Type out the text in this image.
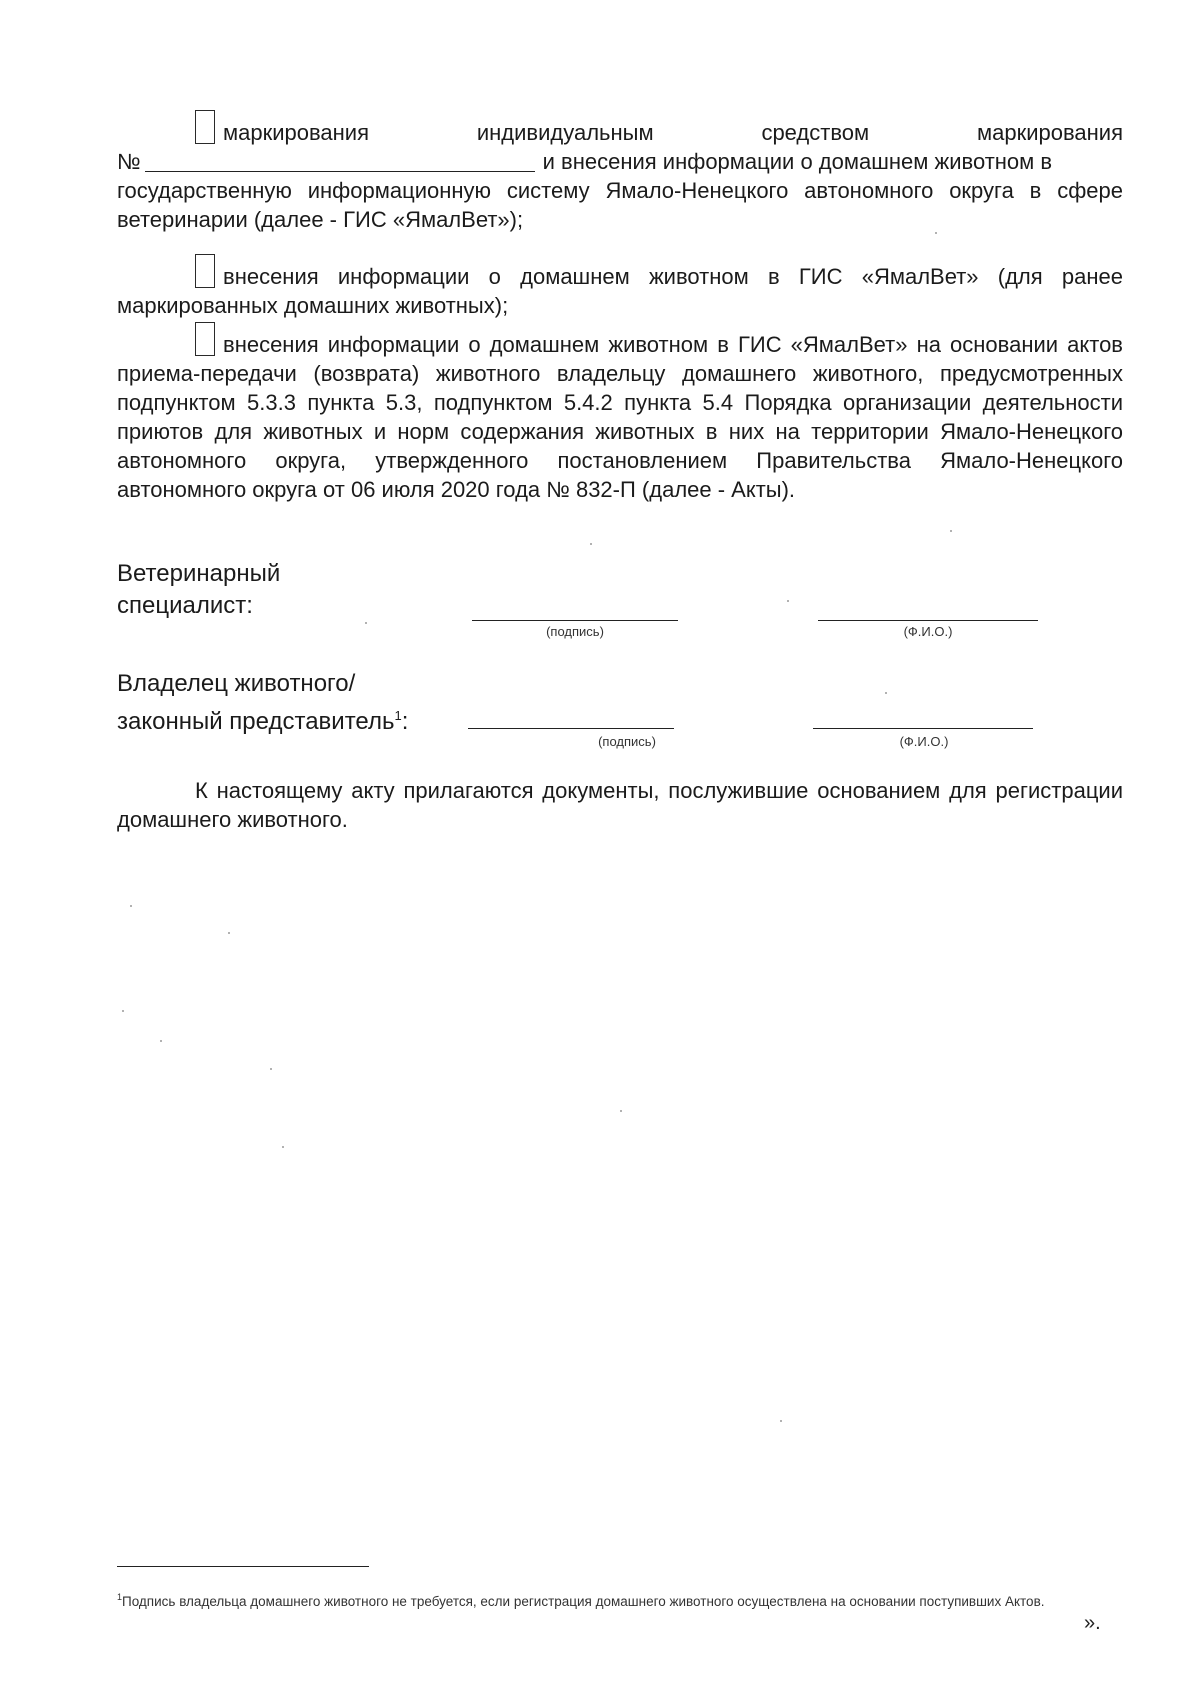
маркирования	индивидуальным	средством	маркирования
№	и внесения информации о домашнем животном в
государственную информационную систему Ямало-Ненецкого автономного округа в сфере ветеринарии (далее - ГИС «ЯмалВет»);
внесения информации о домашнем животном в ГИС «ЯмалВет» (для ранее маркированных домашних животных);
внесения информации о домашнем животном в ГИС «ЯмалВет» на основании актов приема-передачи (возврата) животного владельцу домашнего животного, предусмотренных подпунктом 5.3.3 пункта 5.3, подпунктом 5.4.2 пункта 5.4 Порядка организации деятельности приютов для животных и норм содержания животных в них на территории Ямало-Ненецкого автономного округа, утвержденного постановлением Правительства Ямало-Ненецкого автономного округа от 06 июля 2020 года № 832-П (далее - Акты).
Ветеринарный
специалист:
(подпись)	(Ф.И.О.)
Владелец животного/
законный представитель$^1$:
(подпись)	(Ф.И.О.)
К настоящему акту прилагаются документы, послужившие основанием для регистрации домашнего животного.
$^1$Подпись владельца домашнего животного не требуется, если регистрация домашнего животного осуществлена на основании поступивших Актов.
».
